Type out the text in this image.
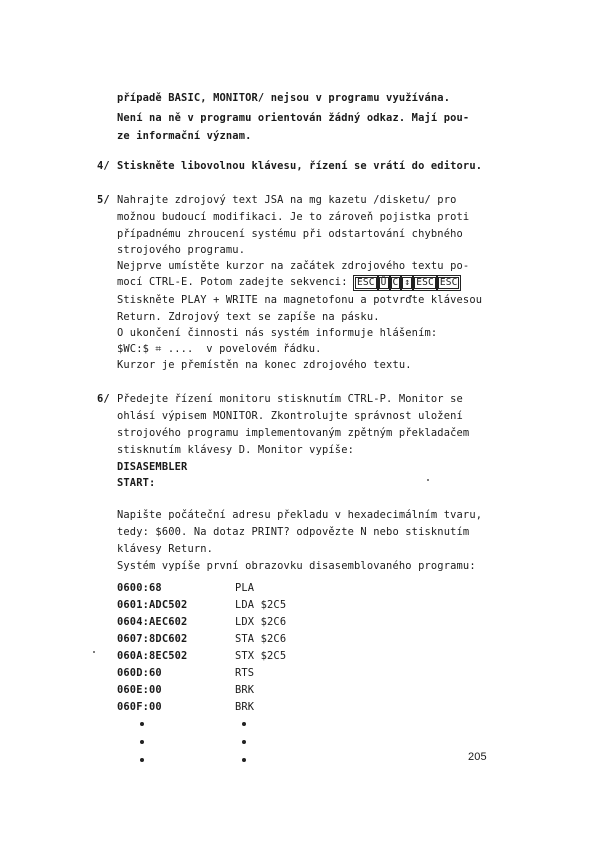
případě BASIC, MONITOR/ nejsou v programu využívána.
Není na ně v programu orientován žádný odkaz. Mají pou-
ze informační význam.
4/ Stiskněte libovolnou klávesu, řízení se vrátí do editoru.
5/ Nahrajte zdrojový text JSA na mg kazetu /disketu/ pro
možnou budoucí modifikaci. Je to zároveň pojistka proti
případnému zhroucení systému při odstartování chybného
strojového programu.
Nejprve umístěte kurzor na začátek zdrojového textu po-
mocí CTRL-E. Potom zadejte sekvenci: ESC Û C ↕ ESC ESC
Stiskněte PLAY + WRITE na magnetofonu a potvrďte klávesou
Return. Zdrojový text se zapíše na pásku.
O ukončení činnosti nás systém informuje hlášením:
$WC:$ ⌗ ....  v povelovém řádku.
Kurzor je přemístěn na konec zdrojového textu.
6/ Předejte řízení monitoru stisknutím CTRL-P. Monitor se
ohlásí výpisem MONITOR. Zkontrolujte správnost uložení
strojového programu implementovaným zpětným překladačem
stisknutím klávesy D. Monitor vypíše:
DISASEMBLER
START:
Napište počáteční adresu překladu v hexadecimálním tvaru,
tedy: $600. Na dotaz PRINT? odpovězte N nebo stisknutím
klávesy Return.
Systém vypíše první obrazovku disasemblovaného programu:
0600:68	PLA
0601:ADC502	LDA $2C5
0604:AEC602	LDX $2C6
0607:8DC602	STA $2C6
060A:8EC502	STX $2C5
060D:60	RTS
060E:00	BRK
060F:00	BRK
205
